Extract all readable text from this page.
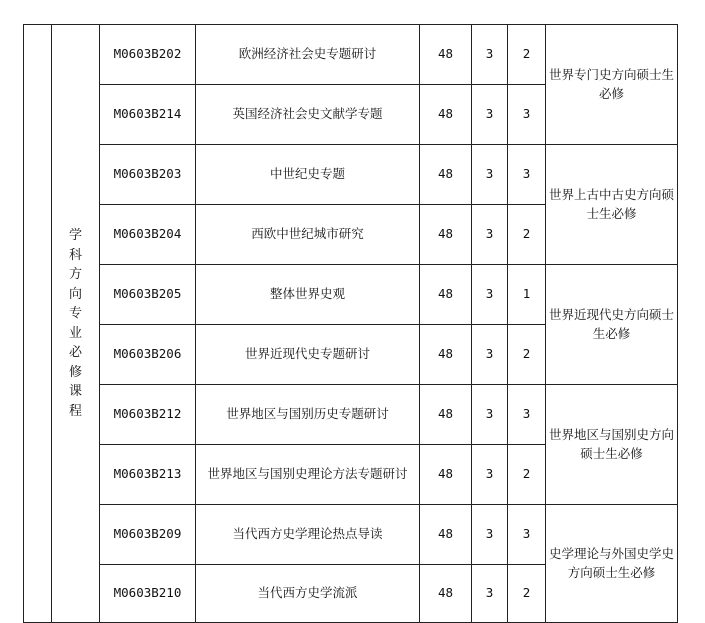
	学科方向专业必修课程	M0603B202	欧洲经济社会史专题研讨	48	3	2	世界专门史方向硕士生必修
		M0603B214	英国经济社会史文献学专题	48	3	3	
		M0603B203	中世纪史专题	48	3	3	世界上古中古史方向硕士生必修
		M0603B204	西欧中世纪城市研究	48	3	2	
		M0603B205	整体世界史观	48	3	1	世界近现代史方向硕士生必修
		M0603B206	世界近现代史专题研讨	48	3	2	
		M0603B212	世界地区与国别历史专题研讨	48	3	3	世界地区与国别史方向硕士生必修
		M0603B213	世界地区与国别史理论方法专题研讨	48	3	2	
		M0603B209	当代西方史学理论热点导读	48	3	3	史学理论与外国史学史方向硕士生必修
		M0603B210	当代西方史学流派	48	3	2	
